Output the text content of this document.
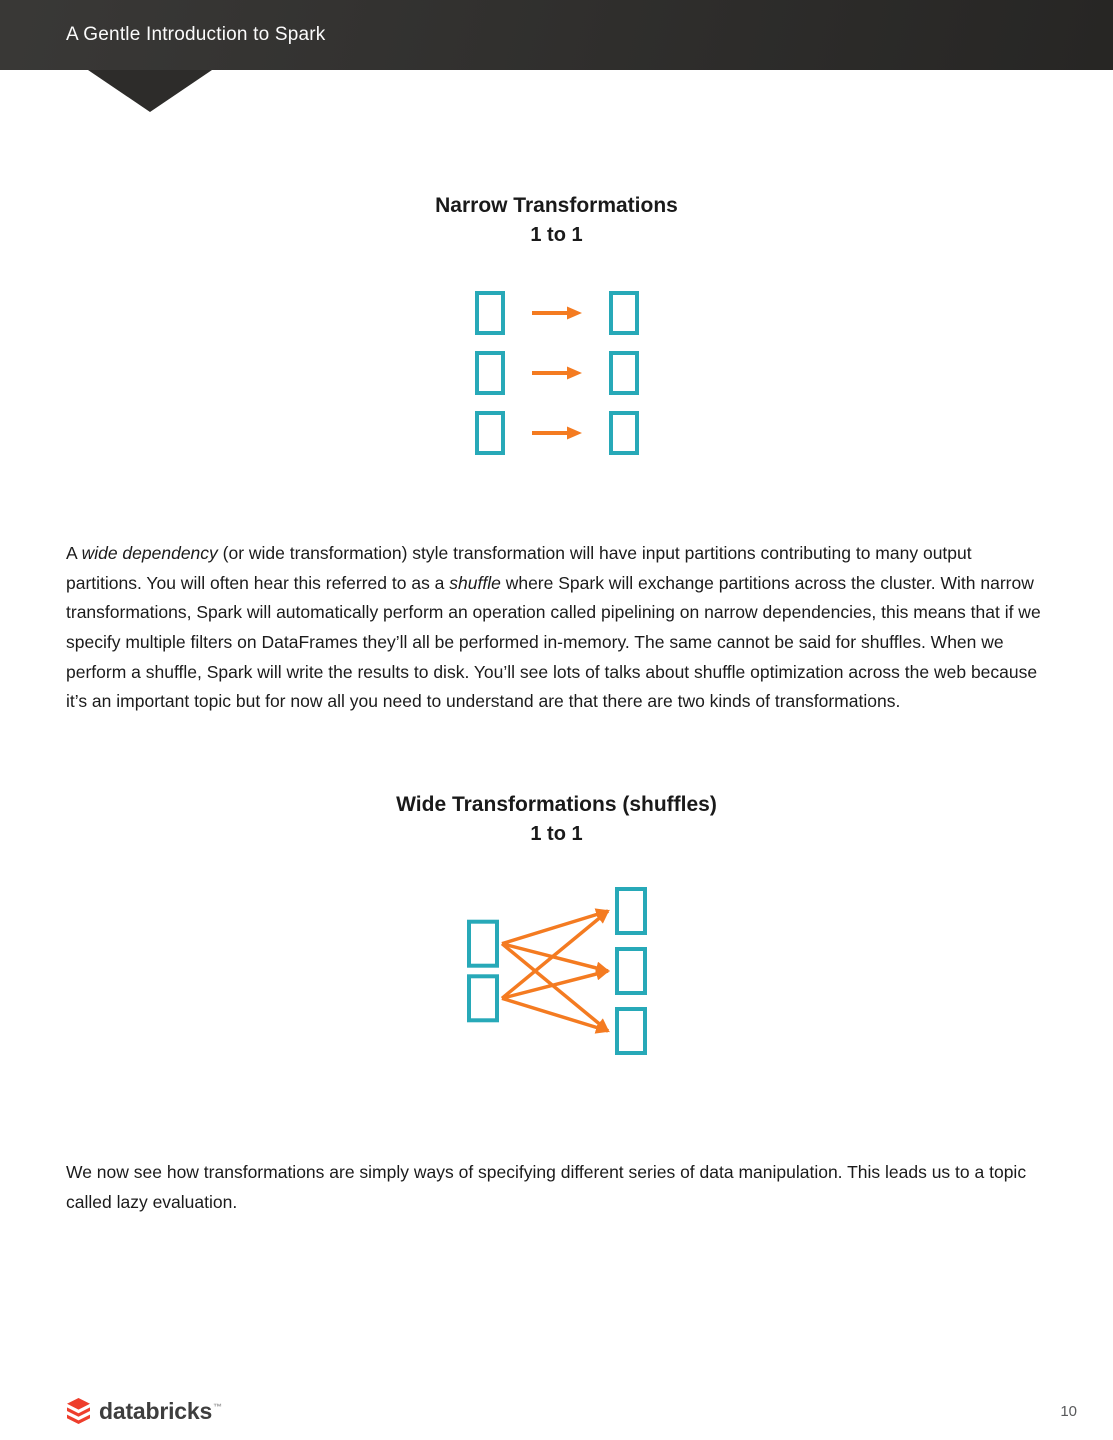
A Gentle Introduction to Spark
Narrow Transformations
1 to 1

A wide dependency (or wide transformation) style transformation will have input partitions contributing to many output partitions. You will often hear this referred to as a shuffle where Spark will exchange partitions across the cluster. With narrow transformations, Spark will automatically perform an operation called pipelining on narrow dependencies, this means that if we specify multiple filters on DataFrames they’ll all be performed in-memory. The same cannot be said for shuffles. When we perform a shuffle, Spark will write the results to disk. You’ll see lots of talks about shuffle optimization across the web because it’s an important topic but for now all you need to understand are that there are two kinds of transformations.

Wide Transformations (shuffles)
1 to 1

We now see how transformations are simply ways of specifying different series of data manipulation. This leads us to a topic called lazy evaluation.

databricks™	10
